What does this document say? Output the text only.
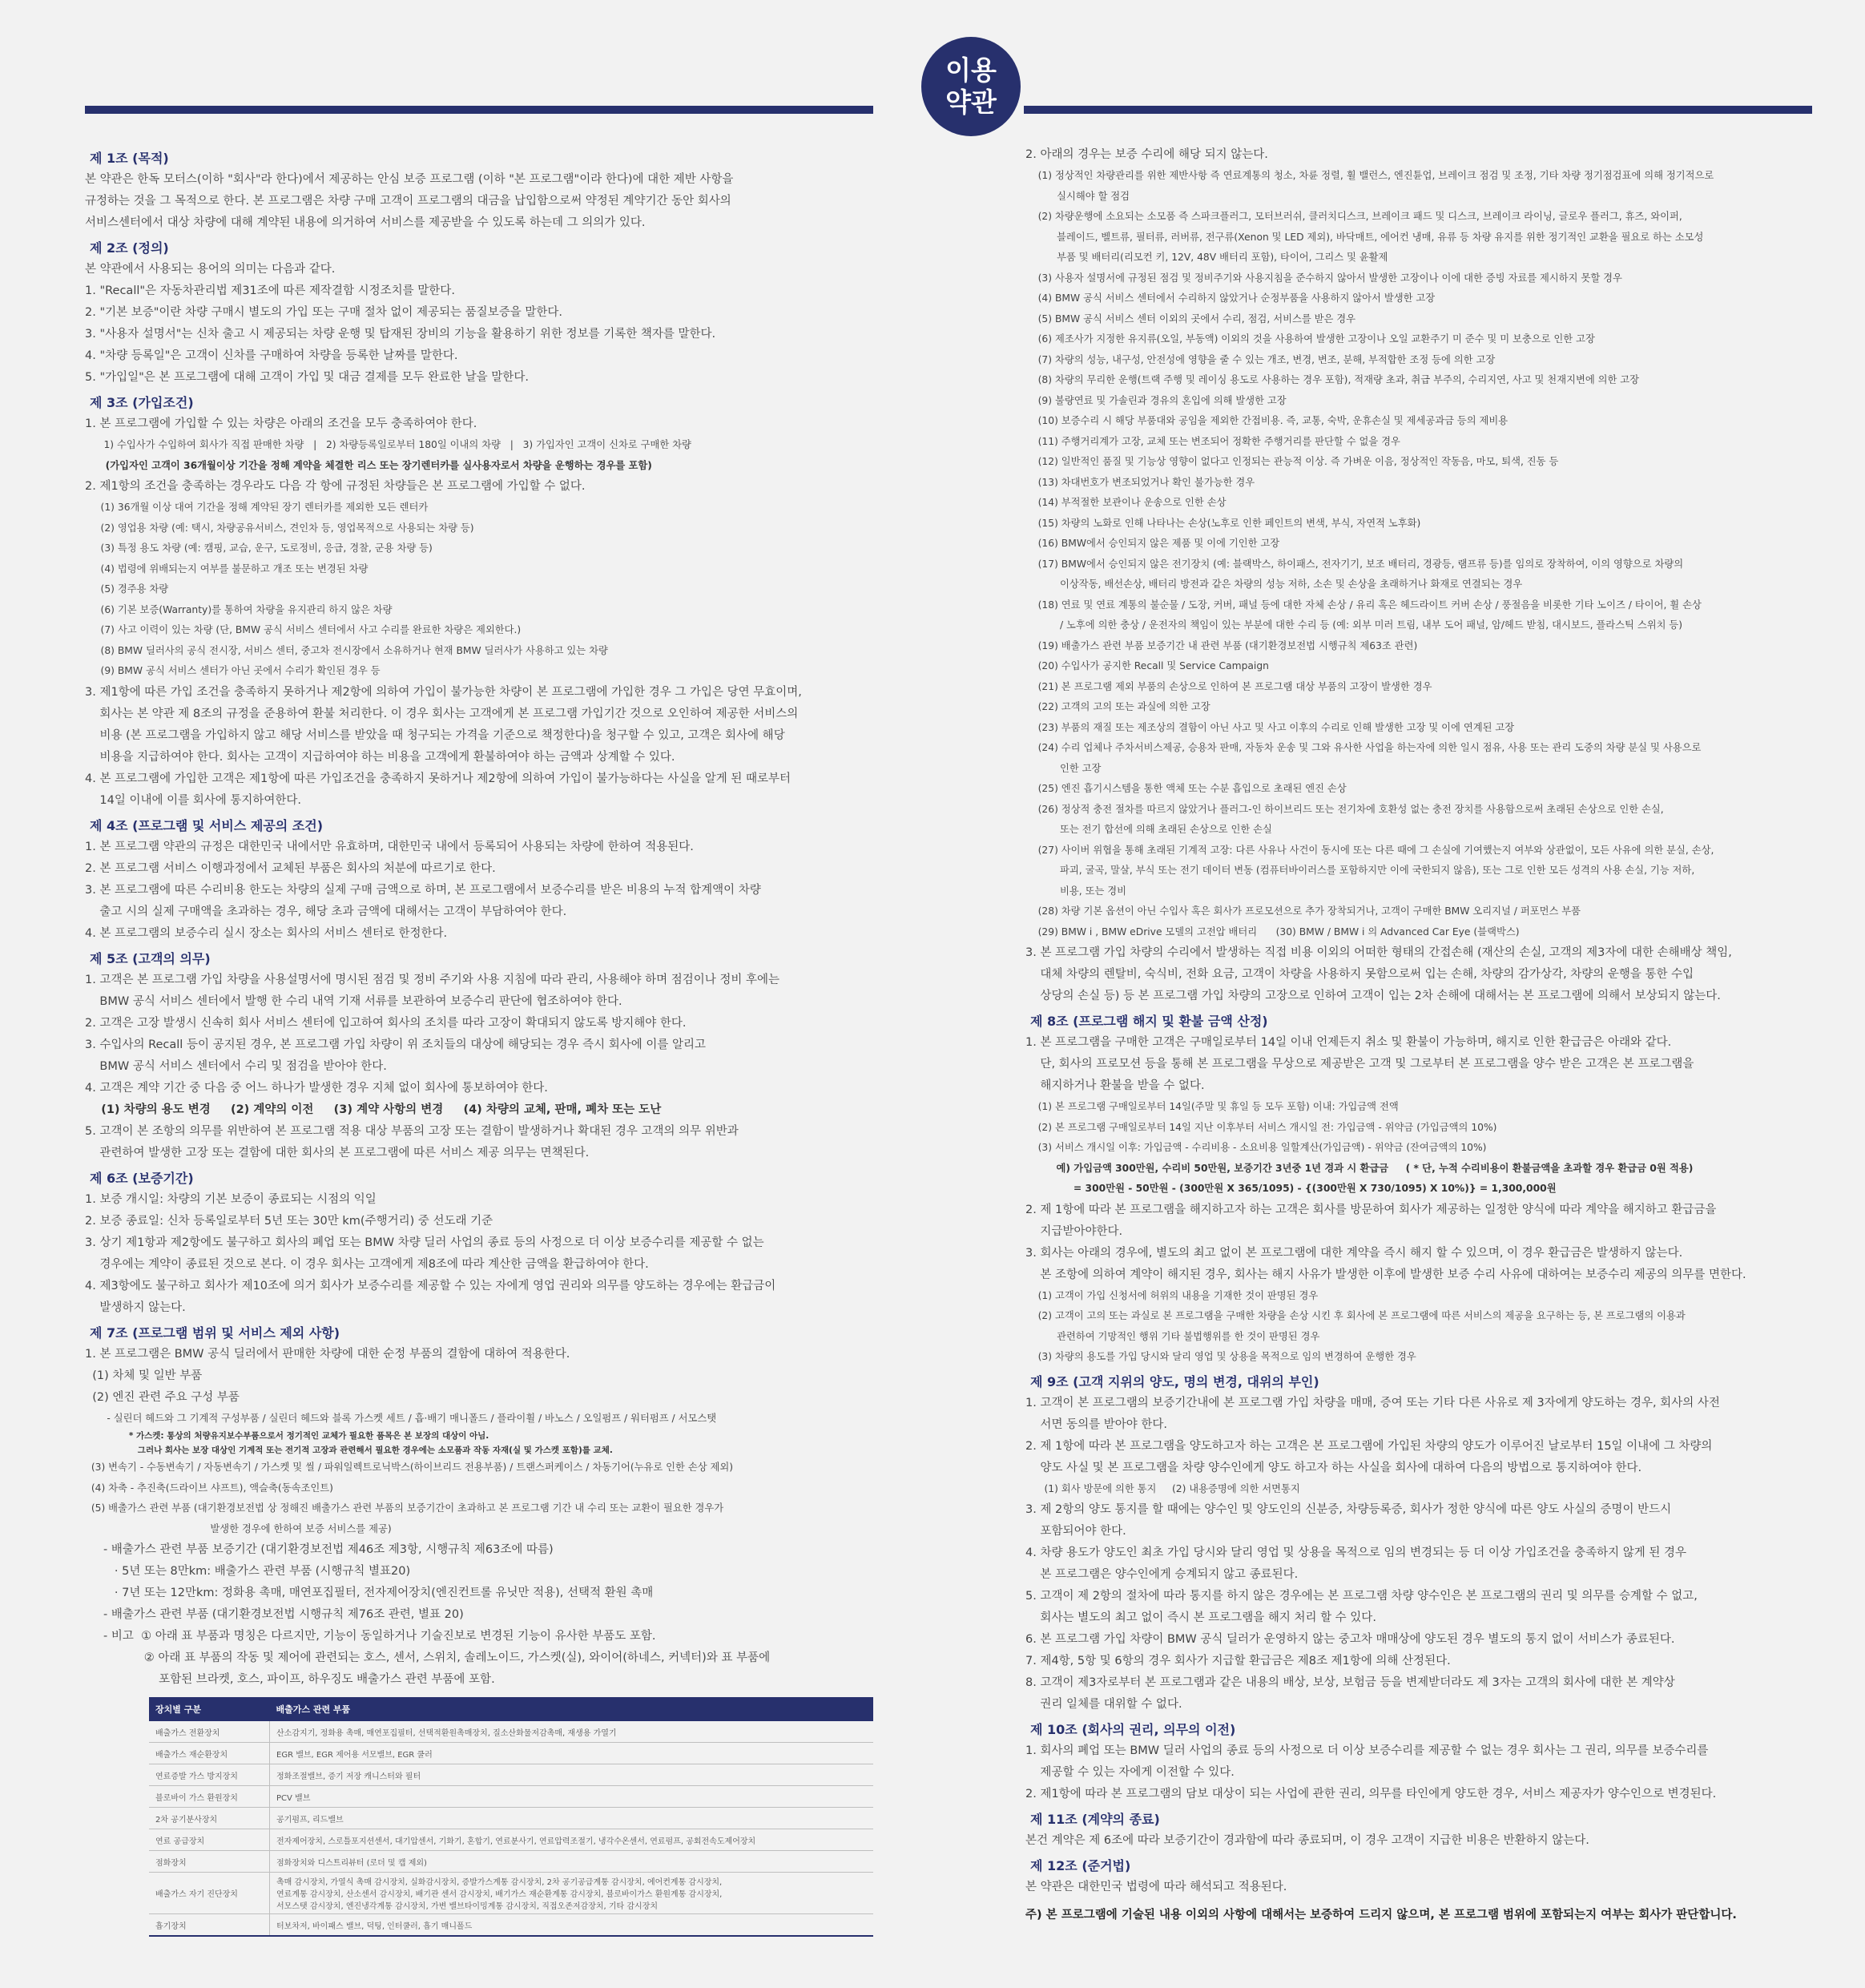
이용
약관
제 1조 (목적)
본 약관은 한독 모터스(이하 "회사"라 한다)에서 제공하는 안심 보증 프로그램 (이하 "본 프로그램"이라 한다)에 대한 제반 사항을
규정하는 것을 그 목적으로 한다. 본 프로그램은 차량 구매 고객이 프로그램의 대금을 납입함으로써 약정된 계약기간 동안 회사의
서비스센터에서 대상 차량에 대해 계약된 내용에 의거하여 서비스를 제공받을 수 있도록 하는데 그 의의가 있다.
제 2조 (정의)
본 약관에서 사용되는 용어의 의미는 다음과 같다.
1. "Recall"은 자동차관리법 제31조에 따른 제작결함 시정조치를 말한다.
2. "기본 보증"이란 차량 구매시 별도의 가입 또는 구매 절차 없이 제공되는 품질보증을 말한다.
3. "사용자 설명서"는 신차 출고 시 제공되는 차량 운행 및 탑재된 장비의 기능을 활용하기 위한 정보를 기록한 책자를 말한다.
4. "차량 등록일"은 고객이 신차를 구매하여 차량을 등록한 날짜를 말한다.
5. "가입일"은 본 프로그램에 대해 고객이 가입 및 대금 결제를 모두 완료한 날을 말한다.
제 3조 (가입조건)
1. 본 프로그램에 가입할 수 있는 차량은 아래의 조건을 모두 충족하여야 한다.
1) 수입사가 수입하여 회사가 직접 판매한 차량   |   2) 차량등록일로부터 180일 이내의 차량   |   3) 가입자인 고객이 신차로 구매한 차량
(가입자인 고객이 36개월이상 기간을 정해 계약을 체결한 리스 또는 장기렌터카를 실사용자로서 차량을 운행하는 경우를 포함)
2. 제1항의 조건을 충족하는 경우라도 다음 각 항에 규정된 차량들은 본 프로그램에 가입할 수 없다.
(1) 36개월 이상 대여 기간을 정해 계약된 장기 렌터카를 제외한 모든 렌터카
(2) 영업용 차량 (예: 택시, 차량공유서비스, 견인차 등, 영업목적으로 사용되는 차량 등)
(3) 특정 용도 차량 (예: 캠핑, 교습, 운구, 도로정비, 응급, 경찰, 군용 차량 등)
(4) 법령에 위배되는지 여부를 불문하고 개조 또는 변경된 차량
(5) 경주용 차량
(6) 기본 보증(Warranty)를 통하여 차량을 유지관리 하지 않은 차량
(7) 사고 이력이 있는 차량 (단, BMW 공식 서비스 센터에서 사고 수리를 완료한 차량은 제외한다.)
(8) BMW 딜러사의 공식 전시장, 서비스 센터, 중고차 전시장에서 소유하거나 현재 BMW 딜러사가 사용하고 있는 차량
(9) BMW 공식 서비스 센터가 아닌 곳에서 수리가 확인된 경우 등
3. 제1항에 따른 가입 조건을 충족하지 못하거나 제2항에 의하여 가입이 불가능한 차량이 본 프로그램에 가입한 경우 그 가입은 당연 무효이며,
회사는 본 약관 제 8조의 규정을 준용하여 환불 처리한다. 이 경우 회사는 고객에게 본 프로그램 가입기간 것으로 오인하여 제공한 서비스의
비용 (본 프로그램을 가입하지 않고 해당 서비스를 받았을 때 청구되는 가격을 기준으로 책정한다)을 청구할 수 있고, 고객은 회사에 해당
비용을 지급하여야 한다. 회사는 고객이 지급하여야 하는 비용을 고객에게 환불하여야 하는 금액과 상계할 수 있다.
4. 본 프로그램에 가입한 고객은 제1항에 따른 가입조건을 충족하지 못하거나 제2항에 의하여 가입이 불가능하다는 사실을 알게 된 때로부터
14일 이내에 이를 회사에 통지하여한다.
제 4조 (프로그램 및 서비스 제공의 조건)
1. 본 프로그램 약관의 규정은 대한민국 내에서만 유효하며, 대한민국 내에서 등록되어 사용되는 차량에 한하여 적용된다.
2. 본 프로그램 서비스 이행과정에서 교체된 부품은 회사의 처분에 따르기로 한다.
3. 본 프로그램에 따른 수리비용 한도는 차량의 실제 구매 금액으로 하며, 본 프로그램에서 보증수리를 받은 비용의 누적 합계액이 차량
출고 시의 실제 구매액을 초과하는 경우, 해당 초과 금액에 대해서는 고객이 부담하여야 한다.
4. 본 프로그램의 보증수리 실시 장소는 회사의 서비스 센터로 한정한다.
제 5조 (고객의 의무)
1. 고객은 본 프로그램 가입 차량을 사용설명서에 명시된 점검 및 정비 주기와 사용 지침에 따라 관리, 사용해야 하며 점검이나 정비 후에는
BMW 공식 서비스 센터에서 발행 한 수리 내역 기재 서류를 보관하여 보증수리 판단에 협조하여야 한다.
2. 고객은 고장 발생시 신속히 회사 서비스 센터에 입고하여 회사의 조치를 따라 고장이 확대되지 않도록 방지해야 한다.
3. 수입사의 Recall 등이 공지된 경우, 본 프로그램 가입 차량이 위 조치들의 대상에 해당되는 경우 즉시 회사에 이를 알리고
BMW 공식 서비스 센터에서 수리 및 점검을 받아야 한다.
4. 고객은 계약 기간 중 다음 중 어느 하나가 발생한 경우 지체 없이 회사에 통보하여야 한다.
(1) 차량의 용도 변경     (2) 계약의 이전     (3) 계약 사항의 변경     (4) 차량의 교체, 판매, 폐차 또는 도난
5. 고객이 본 조항의 의무를 위반하여 본 프로그램 적용 대상 부품의 고장 또는 결함이 발생하거나 확대된 경우 고객의 의무 위반과
관련하여 발생한 고장 또는 결함에 대한 회사의 본 프로그램에 따른 서비스 제공 의무는 면책된다.
제 6조 (보증기간)
1. 보증 개시일: 차량의 기본 보증이 종료되는 시점의 익일
2. 보증 종료일: 신차 등록일로부터 5년 또는 30만 km(주행거리) 중 선도래 기준
3. 상기 제1항과 제2항에도 불구하고 회사의 폐업 또는 BMW 차량 딜러 사업의 종료 등의 사정으로 더 이상 보증수리를 제공할 수 없는
경우에는 계약이 종료된 것으로 본다. 이 경우 회사는 고객에게 제8조에 따라 계산한 금액을 환급하여야 한다.
4. 제3항에도 불구하고 회사가 제10조에 의거 회사가 보증수리를 제공할 수 있는 자에게 영업 권리와 의무를 양도하는 경우에는 환급금이
발생하지 않는다.
제 7조 (프로그램 범위 및 서비스 제외 사항)
1. 본 프로그램은 BMW 공식 딜러에서 판매한 차량에 대한 순정 부품의 결함에 대하여 적용한다.
(1) 차체 및 일반 부품
(2) 엔진 관련 주요 구성 부품
- 실린더 헤드와 그 기계적 구성부품 / 실린더 헤드와 블록 가스켓 세트 / 흡·배기 매니폴드 / 플라이휠 / 바노스 / 오일펌프 / 워터펌프 / 서모스탯
* 가스켓: 통상의 처량유지보수부품으로서 정기적인 교체가 필요한 품목은 본 보장의 대상이 아님.
그러나 회사는 보장 대상인 기계적 또는 전기적 고장과 관련해서 필요한 경우에는 소모품과 작동 자재(실 및 가스켓 포함)를 교체.
(3) 변속기 - 수동변속기 / 자동변속기 / 가스켓 및 씰 / 파워일렉트로닉박스(하이브리드 전용부품) / 트랜스퍼케이스 / 차동기어(누유로 인한 손상 제외)
(4) 차축 - 추진축(드라이브 샤프트), 액슬축(동속조인트)
(5) 배출가스 관련 부품 (대기환경보전법 상 정해진 배출가스 관련 부품의 보증기간이 초과하고 본 프로그램 기간 내 수리 또는 교환이 필요한 경우가
발생한 경우에 한하여 보증 서비스를 제공)
- 배출가스 관련 부품 보증기간 (대기환경보전법 제46조 제3항, 시행규칙 제63조에 따름)
· 5년 또는 8만km: 배출가스 관련 부품 (시행규칙 별표20)
· 7년 또는 12만km: 정화용 촉매, 매연포집필터, 전자제어장치(엔진컨트롤 유닛만 적용), 선택적 환원 촉매
- 배출가스 관련 부품 (대기환경보전법 시행규칙 제76조 관련, 별표 20)
- 비고  ① 아래 표 부품과 명칭은 다르지만, 기능이 동일하거나 기술진보로 변경된 기능이 유사한 부품도 포함.
② 아래 표 부품의 작동 및 제어에 관련되는 호스, 센서, 스위치, 솔레노이드, 가스켓(실), 와이어(하네스, 커넥터)와 표 부품에
포함된 브라켓, 호스, 파이프, 하우징도 배출가스 관련 부품에 포함.
장치별 구분	배출가스 관련 부품
배출가스 전환장치	산소감지기, 정화용 촉매, 매연포집필터, 선택적환원촉매장치, 질소산화물저감촉매, 재생용 가열기
배출가스 재순환장치	EGR 밸브, EGR 제어용 서모밸브, EGR 쿨러
연료증발 가스 방지장치	정화조절밸브, 증기 저장 캐니스터와 필터
블로바이 가스 환원장치	PCV 밸브
2차 공기분사장치	공기펌프, 리드밸브
연료 공급장치	전자제어장치, 스로틀포지션센서, 대기압센서, 기화기, 혼합기, 연료분사기, 연료압력조절기, 냉각수온센서, 연료펌프, 공회전속도제어장치
점화장치	점화장치와 디스트리뷰터 (로더 및 캡 제외)
배출가스 자기 진단장치	촉매 감시장치, 가열식 촉매 감시장치, 실화감시장치, 증발가스계통 감시장치, 2차 공기공급계통 감시장치, 에어컨계통 감시장치,
연료계통 감시장치, 산소센서 감시장치, 배기관 센서 감시장치, 배기가스 재순환계통 감시장치, 블로바이가스 환원계통 감시장치,
서모스탯 감시장치, 엔진냉각계통 감시장치, 가변 밸브타이밍계통 감시장치, 직접오존저감장치, 기타 감시장치
흡기장치	터보차저, 바이패스 밸브, 덕팅, 인터쿨러, 흡기 매니폴드
2. 아래의 경우는 보증 수리에 해당 되지 않는다.
(1) 정상적인 차량관리를 위한 제반사항 즉 연료계통의 청소, 차륜 정렬, 휠 밸런스, 엔진튠업, 브레이크 점검 및 조정, 기타 차량 정기점검표에 의해 정기적으로
실시해야 할 점검
(2) 차량운행에 소요되는 소모품 즉 스파크플러그, 모터브러쉬, 클러치디스크, 브레이크 패드 및 디스크, 브레이크 라이닝, 글로우 플러그, 휴즈, 와이퍼,
블레이드, 벨트류, 필터류, 러버류, 전구류(Xenon 및 LED 제외), 바닥매트, 에어컨 냉매, 유류 등 차량 유지를 위한 정기적인 교환을 필요로 하는 소모성
부품 및 배터리(리모컨 키, 12V, 48V 배터리 포함), 타이어, 그리스 및 윤활제
(3) 사용자 설명서에 규정된 점검 및 정비주기와 사용지침을 준수하지 않아서 발생한 고장이나 이에 대한 증빙 자료를 제시하지 못할 경우
(4) BMW 공식 서비스 센터에서 수리하지 않았거나 순정부품을 사용하지 않아서 발생한 고장
(5) BMW 공식 서비스 센터 이외의 곳에서 수리, 점검, 서비스를 받은 경우
(6) 제조사가 지정한 유지류(오일, 부동액) 이외의 것을 사용하여 발생한 고장이나 오일 교환주기 미 준수 및 미 보충으로 인한 고장
(7) 차량의 성능, 내구성, 안전성에 영향을 줄 수 있는 개조, 변경, 변조, 분해, 부적합한 조정 등에 의한 고장
(8) 차량의 무리한 운행(트랙 주행 및 레이싱 용도로 사용하는 경우 포함), 적재량 초과, 취급 부주의, 수리지연, 사고 및 천재지변에 의한 고장
(9) 불량연료 및 가솔린과 경유의 혼입에 의해 발생한 고장
(10) 보증수리 시 해당 부품대와 공임을 제외한 간접비용. 즉, 교통, 숙박, 운휴손실 및 제세공과금 등의 제비용
(11) 주행거리계가 고장, 교체 또는 변조되어 정확한 주행거리를 판단할 수 없을 경우
(12) 일반적인 품질 및 기능상 영향이 없다고 인정되는 관능적 이상. 즉 가벼운 이음, 정상적인 작동음, 마모, 퇴색, 진동 등
(13) 차대번호가 변조되었거나 확인 불가능한 경우
(14) 부적절한 보관이나 운송으로 인한 손상
(15) 차량의 노화로 인해 나타나는 손상(노후로 인한 페인트의 변색, 부식, 자연적 노후화)
(16) BMW에서 승인되지 않은 제품 및 이에 기인한 고장
(17) BMW에서 승인되지 않은 전기장치 (예: 블랙박스, 하이패스, 전자기기, 보조 배터리, 경광등, 램프류 등)를 임의로 장착하여, 이의 영향으로 차량의
이상작동, 배선손상, 배터리 방전과 같은 차량의 성능 저하, 소손 및 손상을 초래하거나 화재로 연결되는 경우
(18) 연료 및 연료 계통의 불순물 / 도장, 커버, 패널 등에 대한 자체 손상 / 유리 혹은 헤드라이트 커버 손상 / 풍절음을 비롯한 기타 노이즈 / 타이어, 휠 손상
/ 노후에 의한 충상 / 운전자의 책임이 있는 부분에 대한 수리 등 (예: 외부 미러 트림, 내부 도어 패널, 암/헤드 받침, 대시보드, 플라스틱 스위치 등)
(19) 배출가스 관련 부품 보증기간 내 관련 부품 (대기환경보전법 시행규칙 제63조 관련)
(20) 수입사가 공지한 Recall 및 Service Campaign
(21) 본 프로그램 제외 부품의 손상으로 인하여 본 프로그램 대상 부품의 고장이 발생한 경우
(22) 고객의 고의 또는 과실에 의한 고장
(23) 부품의 재질 또는 제조상의 결함이 아닌 사고 및 사고 이후의 수리로 인해 발생한 고장 및 이에 연계된 고장
(24) 수리 업체나 주차서비스제공, 승용차 판매, 자동차 운송 및 그와 유사한 사업을 하는자에 의한 일시 점유, 사용 또는 관리 도중의 차량 분실 및 사용으로
인한 고장
(25) 엔진 흡기시스템을 통한 액체 또는 수분 흡입으로 초래된 엔진 손상
(26) 정상적 충전 절차를 따르지 않았거나 플러그-인 하이브리드 또는 전기차에 호환성 없는 충전 장치를 사용함으로써 초래된 손상으로 인한 손실,
또는 전기 합선에 의해 초래된 손상으로 인한 손실
(27) 사이버 위협을 통해 초래된 기계적 고장: 다른 사유나 사건이 동시에 또는 다른 때에 그 손실에 기여했는지 여부와 상관없이, 모든 사유에 의한 분실, 손상,
파괴, 굴곡, 말살, 부식 또는 전기 데이터 변동 (컴퓨터바이러스를 포함하지만 이에 국한되지 않음), 또는 그로 인한 모든 성격의 사용 손실, 기능 저하,
비용, 또는 경비
(28) 차량 기본 옵션이 아닌 수입사 혹은 회사가 프로모션으로 추가 장착되거나, 고객이 구매한 BMW 오리지널 / 퍼포먼스 부품
(29) BMW i , BMW eDrive 모델의 고전압 배터리      (30) BMW / BMW i 의 Advanced Car Eye (블랙박스)
3. 본 프로그램 가입 차량의 수리에서 발생하는 직접 비용 이외의 어떠한 형태의 간접손해 (재산의 손실, 고객의 제3자에 대한 손해배상 책임,
대체 차량의 렌탈비, 숙식비, 전화 요금, 고객이 차량을 사용하지 못함으로써 입는 손해, 차량의 감가상각, 차량의 운행을 통한 수입
상당의 손실 등) 등 본 프로그램 가입 차량의 고장으로 인하여 고객이 입는 2차 손해에 대해서는 본 프로그램에 의해서 보상되지 않는다.
제 8조 (프로그램 해지 및 환불 금액 산정)
1. 본 프로그램을 구매한 고객은 구매일로부터 14일 이내 언제든지 취소 및 환불이 가능하며, 해지로 인한 환급금은 아래와 같다.
단, 회사의 프로모션 등을 통해 본 프로그램을 무상으로 제공받은 고객 및 그로부터 본 프로그램을 양수 받은 고객은 본 프로그램을
해지하거나 환불을 받을 수 없다.
(1) 본 프로그램 구매일로부터 14일(주말 및 휴일 등 모두 포함) 이내: 가입금액 전액
(2) 본 프로그램 구매일로부터 14일 지난 이후부터 서비스 개시일 전: 가입금액 - 위약금 (가입금액의 10%)
(3) 서비스 개시일 이후: 가입금액 - 수리비용 - 소요비용 일할계산(가입금액) - 위약금 (잔여금액의 10%)
예) 가입금액 300만원, 수리비 50만원, 보증기간 3년중 1년 경과 시 환급금     ( * 단, 누적 수리비용이 환불금액을 초과할 경우 환급금 0원 적용)
= 300만원 - 50만원 - (300만원 X 365/1095) - {(300만원 X 730/1095) X 10%)} = 1,300,000원
2. 제 1항에 따라 본 프로그램을 해지하고자 하는 고객은 회사를 방문하여 회사가 제공하는 일정한 양식에 따라 계약을 해지하고 환급금을
지급받아야한다.
3. 회사는 아래의 경우에, 별도의 최고 없이 본 프로그램에 대한 계약을 즉시 해지 할 수 있으며, 이 경우 환급금은 발생하지 않는다.
본 조항에 의하여 계약이 해지된 경우, 회사는 해지 사유가 발생한 이후에 발생한 보증 수리 사유에 대하여는 보증수리 제공의 의무를 면한다.
(1) 고객이 가입 신청서에 허위의 내용을 기재한 것이 판명된 경우
(2) 고객이 고의 또는 과실로 본 프로그램을 구매한 차량을 손상 시킨 후 회사에 본 프로그램에 따른 서비스의 제공을 요구하는 등, 본 프로그램의 이용과
관련하여 기망적인 행위 기타 불법행위를 한 것이 판명된 경우
(3) 차량의 용도를 가입 당시와 달리 영업 및 상용을 목적으로 임의 변경하여 운행한 경우
제 9조 (고객 지위의 양도, 명의 변경, 대위의 부인)
1. 고객이 본 프로그램의 보증기간내에 본 프로그램 가입 차량을 매매, 증여 또는 기타 다른 사유로 제 3자에게 양도하는 경우, 회사의 사전
서면 동의를 받아야 한다.
2. 제 1항에 따라 본 프로그램을 양도하고자 하는 고객은 본 프로그램에 가입된 차량의 양도가 이루어진 날로부터 15일 이내에 그 차량의
양도 사실 및 본 프로그램을 차량 양수인에게 양도 하고자 하는 사실을 회사에 대하여 다음의 방법으로 통지하여야 한다.
(1) 회사 방문에 의한 통지     (2) 내용증명에 의한 서면통지
3. 제 2항의 양도 통지를 할 때에는 양수인 및 양도인의 신분증, 차량등록증, 회사가 정한 양식에 따른 양도 사실의 증명이 반드시
포함되어야 한다.
4. 차량 용도가 양도인 최초 가입 당시와 달리 영업 및 상용을 목적으로 임의 변경되는 등 더 이상 가입조건을 충족하지 않게 된 경우
본 프로그램은 양수인에게 승계되지 않고 종료된다.
5. 고객이 제 2항의 절차에 따라 통지를 하지 않은 경우에는 본 프로그램 차량 양수인은 본 프로그램의 권리 및 의무를 승계할 수 없고,
회사는 별도의 최고 없이 즉시 본 프로그램을 해지 처리 할 수 있다.
6. 본 프로그램 가입 차량이 BMW 공식 딜러가 운영하지 않는 중고차 매매상에 양도된 경우 별도의 통지 없이 서비스가 종료된다.
7. 제4항, 5항 및 6항의 경우 회사가 지급할 환급금은 제8조 제1항에 의해 산정된다.
8. 고객이 제3자로부터 본 프로그램과 같은 내용의 배상, 보상, 보험금 등을 변제받더라도 제 3자는 고객의 회사에 대한 본 계약상
권리 일체를 대위할 수 없다.
제 10조 (회사의 권리, 의무의 이전)
1. 회사의 폐업 또는 BMW 딜러 사업의 종료 등의 사정으로 더 이상 보증수리를 제공할 수 없는 경우 회사는 그 권리, 의무를 보증수리를
제공할 수 있는 자에게 이전할 수 있다.
2. 제1항에 따라 본 프로그램의 담보 대상이 되는 사업에 관한 권리, 의무를 타인에게 양도한 경우, 서비스 제공자가 양수인으로 변경된다.
제 11조 (계약의 종료)
본건 계약은 제 6조에 따라 보증기간이 경과함에 따라 종료되며, 이 경우 고객이 지급한 비용은 반환하지 않는다.
제 12조 (준거법)
본 약관은 대한민국 법령에 따라 해석되고 적용된다.
주) 본 프로그램에 기술된 내용 이외의 사항에 대해서는 보증하여 드리지 않으며, 본 프로그램 범위에 포함되는지 여부는 회사가 판단합니다.
